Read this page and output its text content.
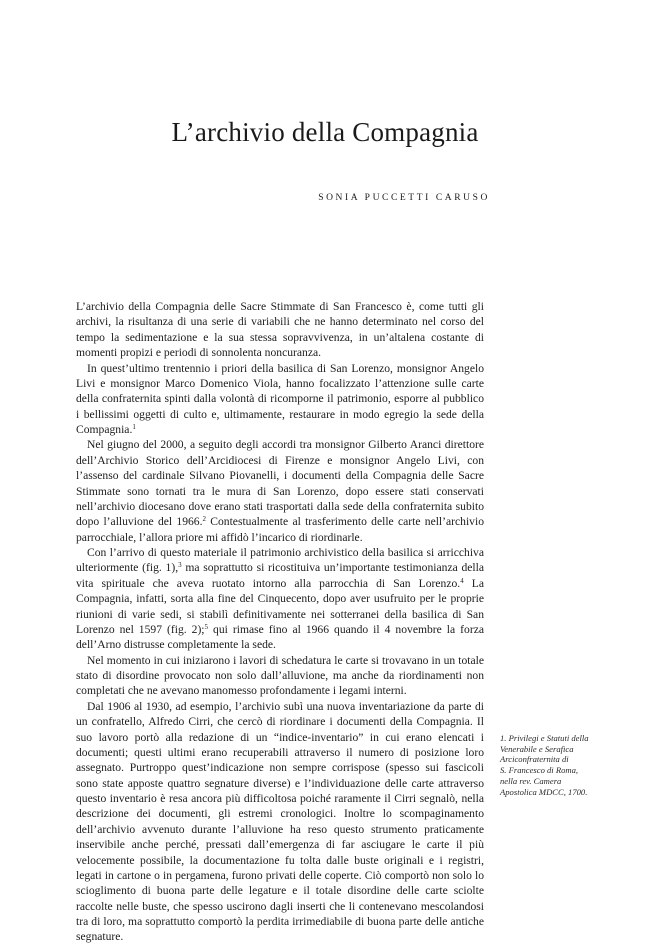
L’archivio della Compagnia
SONIA PUCCETTI CARUSO

L’archivio della Compagnia delle Sacre Stimmate di San Francesco è, come tutti gli archivi, la risultanza di una serie di variabili che ne hanno determinato nel corso del tempo la sedimentazione e la sua stessa sopravvivenza, in un’altalena costante di momenti propizi e periodi di sonnolenta noncuranza.

In quest’ultimo trentennio i priori della basilica di San Lorenzo, monsignor Angelo Livi e monsignor Marco Domenico Viola, hanno focalizzato l’attenzione sulle carte della confraternita spinti dalla volontà di ricomporne il patrimonio, esporre al pubblico i bellissimi oggetti di culto e, ultimamente, restaurare in modo egregio la sede della Compagnia.$^1$

Nel giugno del 2000, a seguito degli accordi tra monsignor Gilberto Aranci direttore dell’Archivio Storico dell’Arcidiocesi di Firenze e monsignor Angelo Livi, con l’assenso del cardinale Silvano Piovanelli, i documenti della Compagnia delle Sacre Stimmate sono tornati tra le mura di San Lorenzo, dopo essere stati conservati nell’archivio diocesano dove erano stati trasportati dalla sede della confraternita subito dopo l’alluvione del 1966.$^2$ Contestualmente al trasferimento delle carte nell’archivio parrocchiale, l’allora priore mi affidò l’incarico di riordinarle.

Con l’arrivo di questo materiale il patrimonio archivistico della basilica si arricchiva ulteriormente (fig. 1),$^3$ ma soprattutto si ricostituiva un’importante testimonianza della vita spirituale che aveva ruotato intorno alla parrocchia di San Lorenzo.$^4$ La Compagnia, infatti, sorta alla fine del Cinquecento, dopo aver usufruito per le proprie riunioni di varie sedi, si stabilì definitivamente nei sotterranei della basilica di San Lorenzo nel 1597 (fig. 2);$^5$ qui rimase fino al 1966 quando il 4 novembre la forza dell’Arno distrusse completamente la sede.

Nel momento in cui iniziarono i lavori di schedatura le carte si trovavano in un totale stato di disordine provocato non solo dall’alluvione, ma anche da riordinamenti non completati che ne avevano manomesso profondamente i legami interni.

Dal 1906 al 1930, ad esempio, l’archivio subì una nuova inventariazione da parte di un confratello, Alfredo Cirri, che cercò di riordinare i documenti della Compagnia. Il suo lavoro portò alla redazione di un “indice-inventario” in cui erano elencati i documenti; questi ultimi erano recuperabili attraverso il numero di posizione loro assegnato. Purtroppo quest’indicazione non sempre corrispose (spesso sui fascicoli sono state apposte quattro segnature diverse) e l’individuazione delle carte attraverso questo inventario è resa ancora più difficoltosa poiché raramente il Cirri segnalò, nella descrizione dei documenti, gli estremi cronologici. Inoltre lo scompaginamento dell’archivio avvenuto durante l’alluvione ha reso questo strumento praticamente inservibile anche perché, pressati dall’emergenza di far asciugare le carte il più velocemente possibile, la documentazione fu tolta dalle buste originali e i registri, legati in cartone o in pergamena, furono privati delle coperte. Ciò comportò non solo lo scioglimento di buona parte delle legature e il totale disordine delle carte sciolte raccolte nelle buste, che spesso uscirono dagli inserti che li contenevano mescolandosi tra di loro, ma soprattutto comportò la perdita irrimediabile di buona parte delle antiche segnature.

1. Privilegi e Statuti della
Venerabile e Serafica
Arciconfraternita di
S. Francesco di Roma,
nella rev. Camera
Apostolica MDCC, 1700.
